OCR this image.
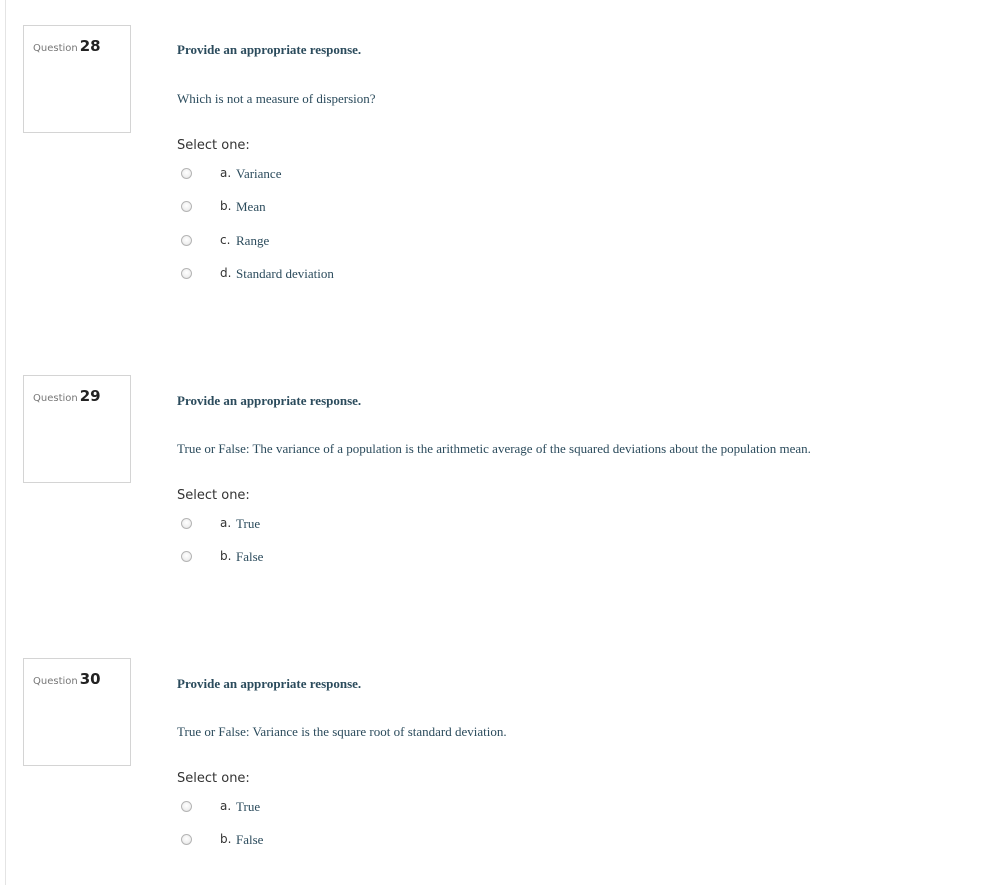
Question 28	Provide an appropriate response.
Which is not a measure of dispersion?
Select one:
a. Variance
b. Mean
c. Range
d. Standard deviation
Question 29	Provide an appropriate response.
True or False: The variance of a population is the arithmetic average of the squared deviations about the population mean.
Select one:
a. True
b. False
Question 30	Provide an appropriate response.
True or False: Variance is the square root of standard deviation.
Select one:
a. True
b. False
